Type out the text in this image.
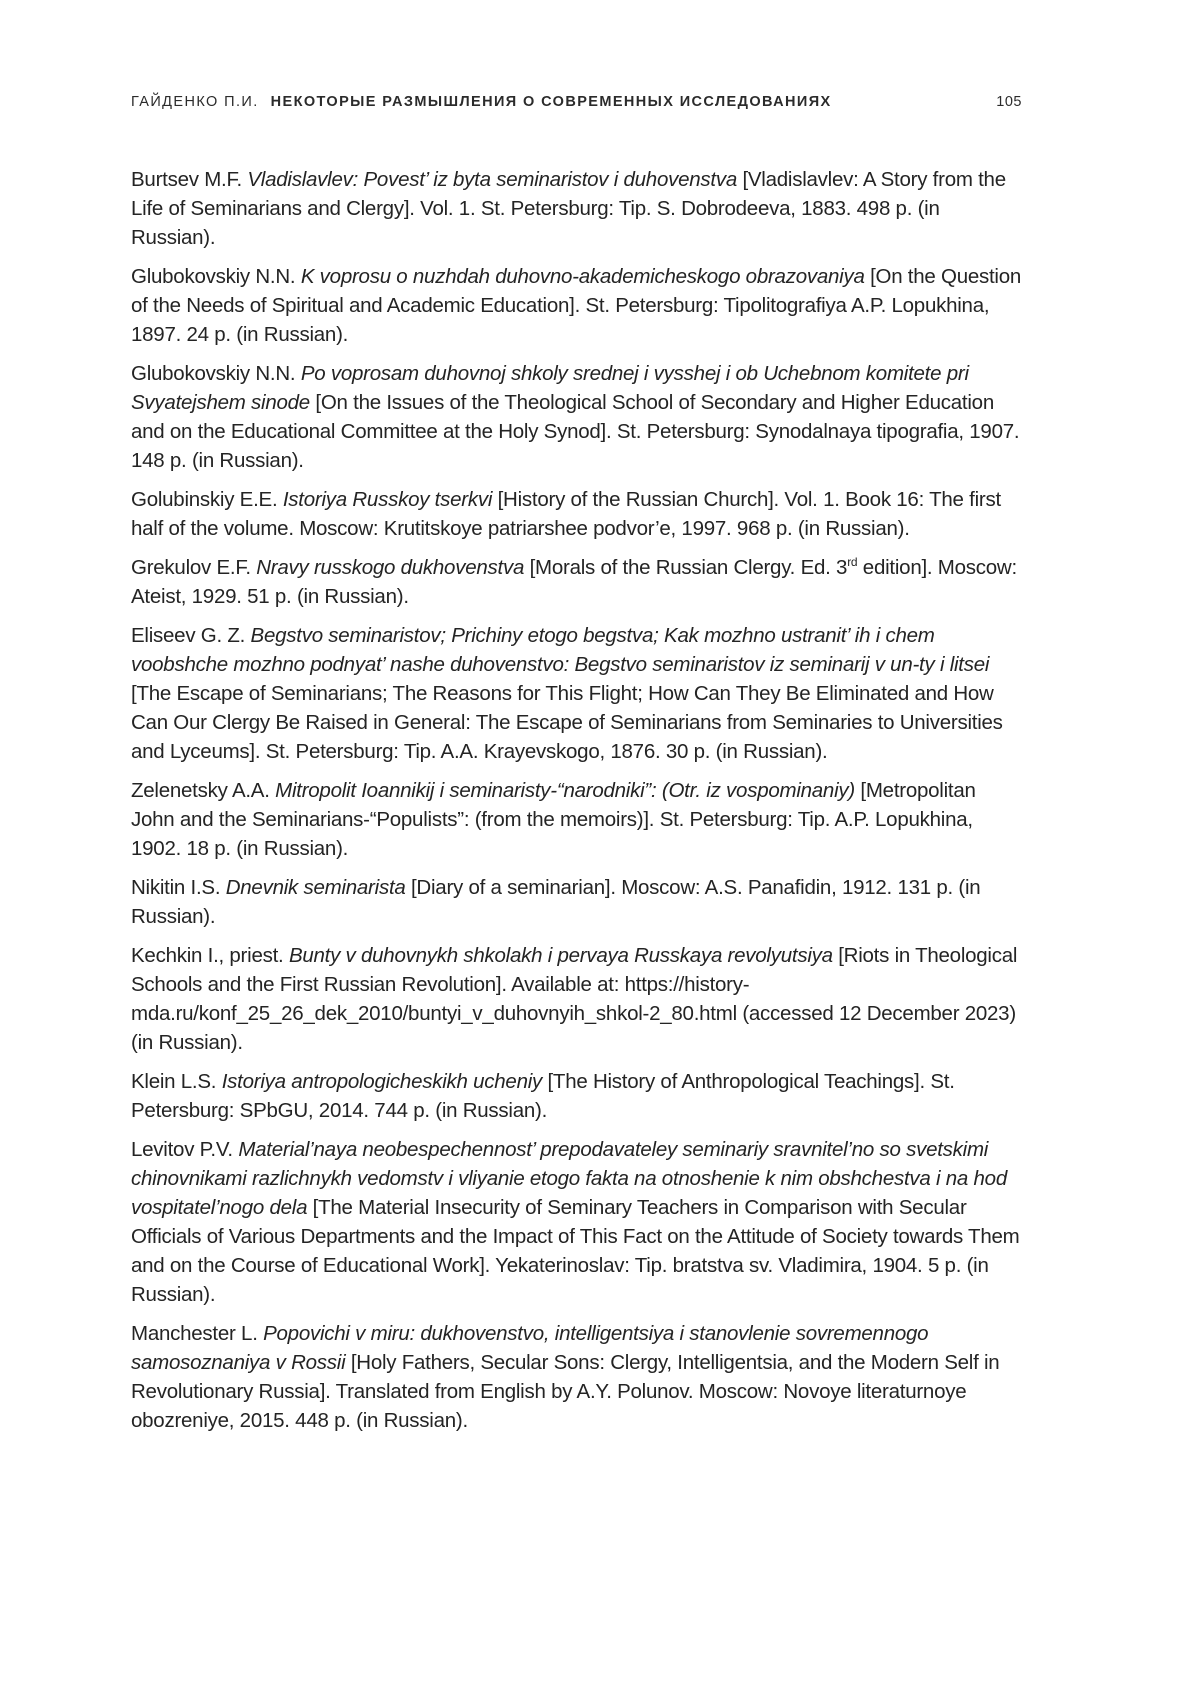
ГАЙДЕНКО П.И. НЕКОТОРЫЕ РАЗМЫШЛЕНИЯ О СОВРЕМЕННЫХ ИССЛЕДОВАНИЯХ	105

Burtsev M.F. Vladislavlev: Povest’ iz byta seminaristov i duhovenstva [Vladislavlev: A Story from the Life of Seminarians and Clergy]. Vol. 1. St. Petersburg: Tip. S. Dobrodeeva, 1883. 498 p. (in Russian).

Glubokovskiy N.N. K voprosu o nuzhdah duhovno-akademicheskogo obrazovaniya [On the Question of the Needs of Spiritual and Academic Education]. St. Petersburg: Tipolitografiya A.P. Lopukhina, 1897. 24 p. (in Russian).

Glubokovskiy N.N. Po voprosam duhovnoj shkoly srednej i vysshej i ob Uchebnom komitete pri Svyatejshem sinode [On the Issues of the Theological School of Secondary and Higher Education and on the Educational Committee at the Holy Synod]. St. Petersburg: Synodalnaya tipografia, 1907. 148 p. (in Russian).

Golubinskiy E.E. Istoriya Russkoy tserkvi [History of the Russian Church]. Vol. 1. Book 16: The first half of the volume. Moscow: Krutitskoye patriarshee podvor’e, 1997. 968 p. (in Russian).

Grekulov E.F. Nravy russkogo dukhovenstva [Morals of the Russian Clergy. Ed. 3rd edition]. Moscow: Ateist, 1929. 51 p. (in Russian).

Eliseev G. Z. Begstvo seminaristov; Prichiny etogo begstva; Kak mozhno ustranit’ ih i chem voobshche mozhno podnyat’ nashe duhovenstvo: Begstvo seminaristov iz seminarij v un-ty i litsei [The Escape of Seminarians; The Reasons for This Flight; How Can They Be Eliminated and How Can Our Clergy Be Raised in General: The Escape of Seminarians from Seminaries to Universities and Lyceums]. St. Petersburg: Tip. A.A. Krayevskogo, 1876. 30 p. (in Russian).

Zelenetsky A.A. Mitropolit Ioannikij i seminaristy-“narodniki”: (Otr. iz vospominaniy) [Metropolitan John and the Seminarians-“Populists”: (from the memoirs)]. St. Petersburg: Tip. A.P. Lopukhina, 1902. 18 p. (in Russian).

Nikitin I.S. Dnevnik seminarista [Diary of a seminarian]. Moscow: A.S. Panafidin, 1912. 131 p. (in Russian).

Kechkin I., priest. Bunty v duhovnykh shkolakh i pervaya Russkaya revolyutsiya [Riots in Theological Schools and the First Russian Revolution]. Available at: https://history-mda.ru/konf_25_26_dek_2010/buntyi_v_duhovnyih_shkol-2_80.html (accessed 12 December 2023) (in Russian).

Klein L.S. Istoriya antropologicheskikh ucheniy [The History of Anthropological Teachings]. St. Petersburg: SPbGU, 2014. 744 p. (in Russian).

Levitov P.V. Material’naya neobespechennost’ prepodavateley seminariy sravnitel’no so svetskimi chinovnikami razlichnykh vedomstv i vliyanie etogo fakta na otnoshenie k nim obshchestva i na hod vospitatel’nogo dela [The Material Insecurity of Seminary Teachers in Comparison with Secular Officials of Various Departments and the Impact of This Fact on the Attitude of Society towards Them and on the Course of Educational Work]. Yekaterinoslav: Tip. bratstva sv. Vladimira, 1904. 5 p. (in Russian).

Manchester L. Popovichi v miru: dukhovenstvo, intelligentsiya i stanovlenie sovremennogo samosoznaniya v Rossii [Holy Fathers, Secular Sons: Clergy, Intelligentsia, and the Modern Self in Revolutionary Russia]. Translated from English by A.Y. Polunov. Moscow: Novoye literaturnoye obozreniye, 2015. 448 p. (in Russian).
